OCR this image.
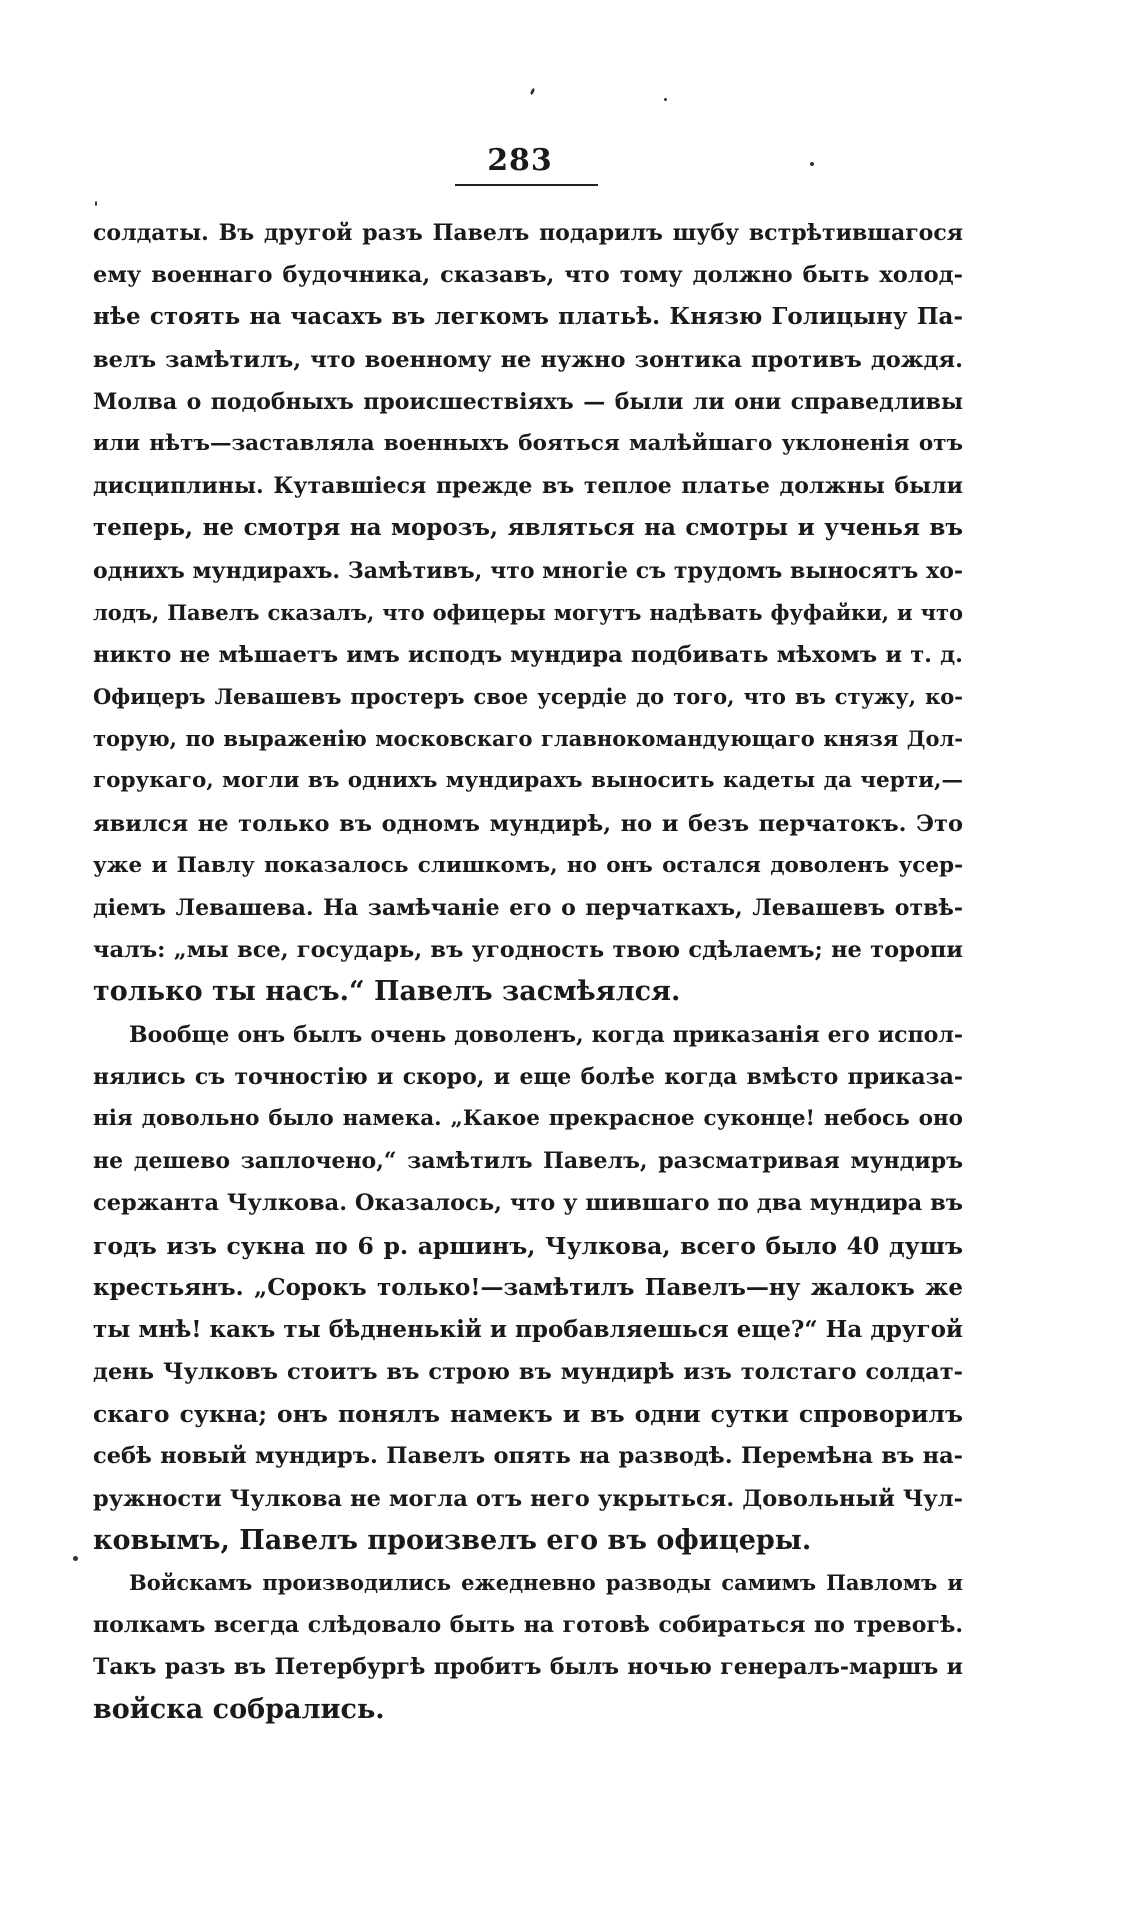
283
солдаты. Въ другой разъ Павелъ подарилъ шубу встрѣтившагося
ему военнаго будочника, сказавъ, что тому должно быть холод-
нѣе стоять на часахъ въ легкомъ платьѣ. Князю Голицыну Па-
велъ замѣтилъ, что военному не нужно зонтика противъ дождя.
Молва о подобныхъ происшествіяхъ — были ли они справедливы
или нѣтъ—заставляла военныхъ бояться малѣйшаго уклоненія отъ
дисциплины. Кутавшіеся прежде въ теплое платье должны были
теперь, не смотря на морозъ, являться на смотры и ученья въ
однихъ мундирахъ. Замѣтивъ, что многіе съ трудомъ выносятъ хо-
лодъ, Павелъ сказалъ, что офицеры могутъ надѣвать фуфайки, и что
никто не мѣшаетъ имъ исподъ мундира подбивать мѣхомъ и т. д.
Офицеръ Левашевъ простеръ свое усердіе до того, что въ стужу, ко-
торую, по выраженію московскаго главнокомандующаго князя Дол-
горукаго, могли въ однихъ мундирахъ выносить кадеты да черти,—
явился не только въ одномъ мундирѣ, но и безъ перчатокъ. Это
уже и Павлу показалось слишкомъ, но онъ остался доволенъ усер-
діемъ Левашева. На замѣчаніе его о перчаткахъ, Левашевъ отвѣ-
чалъ: „мы все, государь, въ угодность твою сдѣлаемъ; не торопи
только ты насъ.“ Павелъ засмѣялся.
Вообще онъ былъ очень доволенъ, когда приказанія его испол-
нялись съ точностію и скоро, и еще болѣе когда вмѣсто приказа-
нія довольно было намека. „Какое прекрасное суконце! небось оно
не дешево заплочено,“ замѣтилъ Павелъ, разсматривая мундиръ
сержанта Чулкова. Оказалось, что у шившаго по два мундира въ
годъ изъ сукна по 6 р. аршинъ, Чулкова, всего было 40 душъ
крестьянъ. „Сорокъ только!—замѣтилъ Павелъ—ну жалокъ же
ты мнѣ! какъ ты бѣдненькій и пробавляешься еще?“ На другой
день Чулковъ стоитъ въ строю въ мундирѣ изъ толстаго солдат-
скаго сукна; онъ понялъ намекъ и въ одни сутки спроворилъ
себѣ новый мундиръ. Павелъ опять на разводѣ. Перемѣна въ на-
ружности Чулкова не могла отъ него укрыться. Довольный Чул-
ковымъ, Павелъ произвелъ его въ офицеры.
Войскамъ производились ежедневно разводы самимъ Павломъ и
полкамъ всегда слѣдовало быть на готовѣ собираться по тревогѣ.
Такъ разъ въ Петербургѣ пробитъ былъ ночью генералъ-маршъ и
войска собрались.
